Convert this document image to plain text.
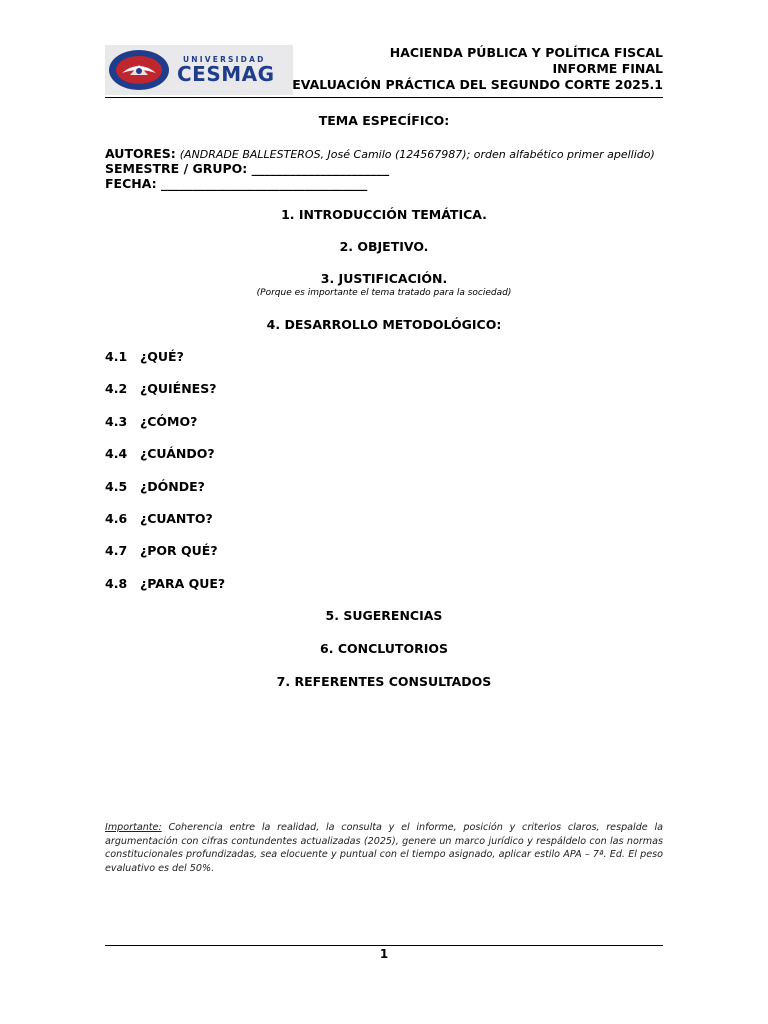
UNIVERSIDAD
CESMAG
HACIENDA PÚBLICA Y POLÍTICA FISCAL
INFORME FINAL
EVALUACIÓN PRÁCTICA DEL SEGUNDO CORTE 2025.1
TEMA ESPECÍFICO:
AUTORES: (ANDRADE BALLESTEROS, José Camilo (124567987); orden alfabético primer apellido)
SEMESTRE / GRUPO: ______________________
FECHA: _________________________________
1. INTRODUCCIÓN TEMÁTICA.
2. OBJETIVO.
3. JUSTIFICACIÓN.
(Porque es importante el tema tratado para la sociedad)
4. DESARROLLO METODOLÓGICO:
4.1 ¿QUÉ?
4.2 ¿QUIÉNES?
4.3 ¿CÓMO?
4.4 ¿CUÁNDO?
4.5 ¿DÓNDE?
4.6 ¿CUANTO?
4.7 ¿POR QUÉ?
4.8 ¿PARA QUE?
5. SUGERENCIAS
6. CONCLUTORIOS
7. REFERENTES CONSULTADOS
Importante: Coherencia entre la realidad, la consulta y el informe, posición y criterios claros, respalde la argumentación con cifras contundentes actualizadas (2025), genere un marco jurídico y respáldelo con las normas constitucionales profundizadas, sea elocuente y puntual con el tiempo asignado, aplicar estilo APA – 7ª. Ed. El peso evaluativo es del 50%.
1
